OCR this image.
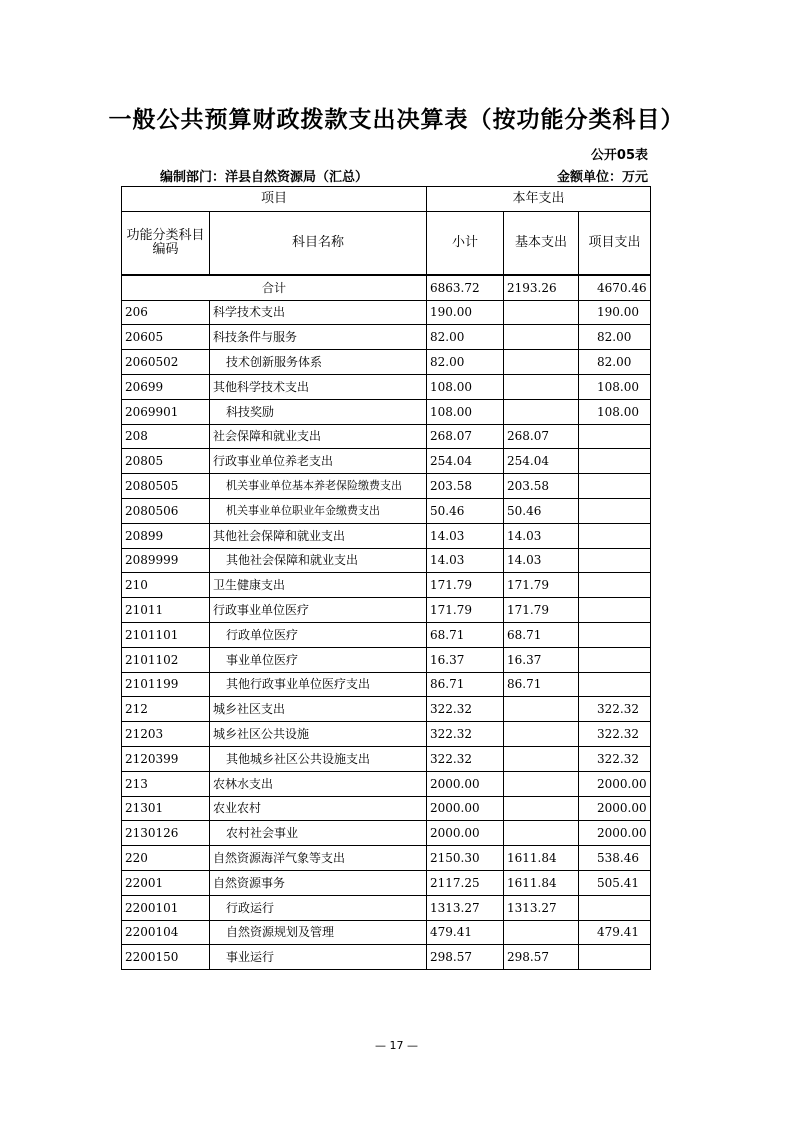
一般公共预算财政拨款支出决算表（按功能分类科目）
公开05表
编制部门：洋县自然资源局（汇总）	金额单位：万元
项目		本年支出		
功能分类科目编码	科目名称	小计	基本支出	项目支出
合计		6863.72	2193.26	4670.46
206	科学技术支出	190.00		190.00
20605	科技条件与服务	82.00		82.00
2060502	技术创新服务体系	82.00		82.00
20699	其他科学技术支出	108.00		108.00
2069901	科技奖励	108.00		108.00
208	社会保障和就业支出	268.07	268.07	
20805	行政事业单位养老支出	254.04	254.04	
2080505	机关事业单位基本养老保险缴费支出	203.58	203.58	
2080506	机关事业单位职业年金缴费支出	50.46	50.46	
20899	其他社会保障和就业支出	14.03	14.03	
2089999	其他社会保障和就业支出	14.03	14.03	
210	卫生健康支出	171.79	171.79	
21011	行政事业单位医疗	171.79	171.79	
2101101	行政单位医疗	68.71	68.71	
2101102	事业单位医疗	16.37	16.37	
2101199	其他行政事业单位医疗支出	86.71	86.71	
212	城乡社区支出	322.32		322.32
21203	城乡社区公共设施	322.32		322.32
2120399	其他城乡社区公共设施支出	322.32		322.32
213	农林水支出	2000.00		2000.00
21301	农业农村	2000.00		2000.00
2130126	农村社会事业	2000.00		2000.00
220	自然资源海洋气象等支出	2150.30	1611.84	538.46
22001	自然资源事务	2117.25	1611.84	505.41
2200101	行政运行	1313.27	1313.27	
2200104	自然资源规划及管理	479.41		479.41
2200150	事业运行	298.57	298.57	
— 17 —
